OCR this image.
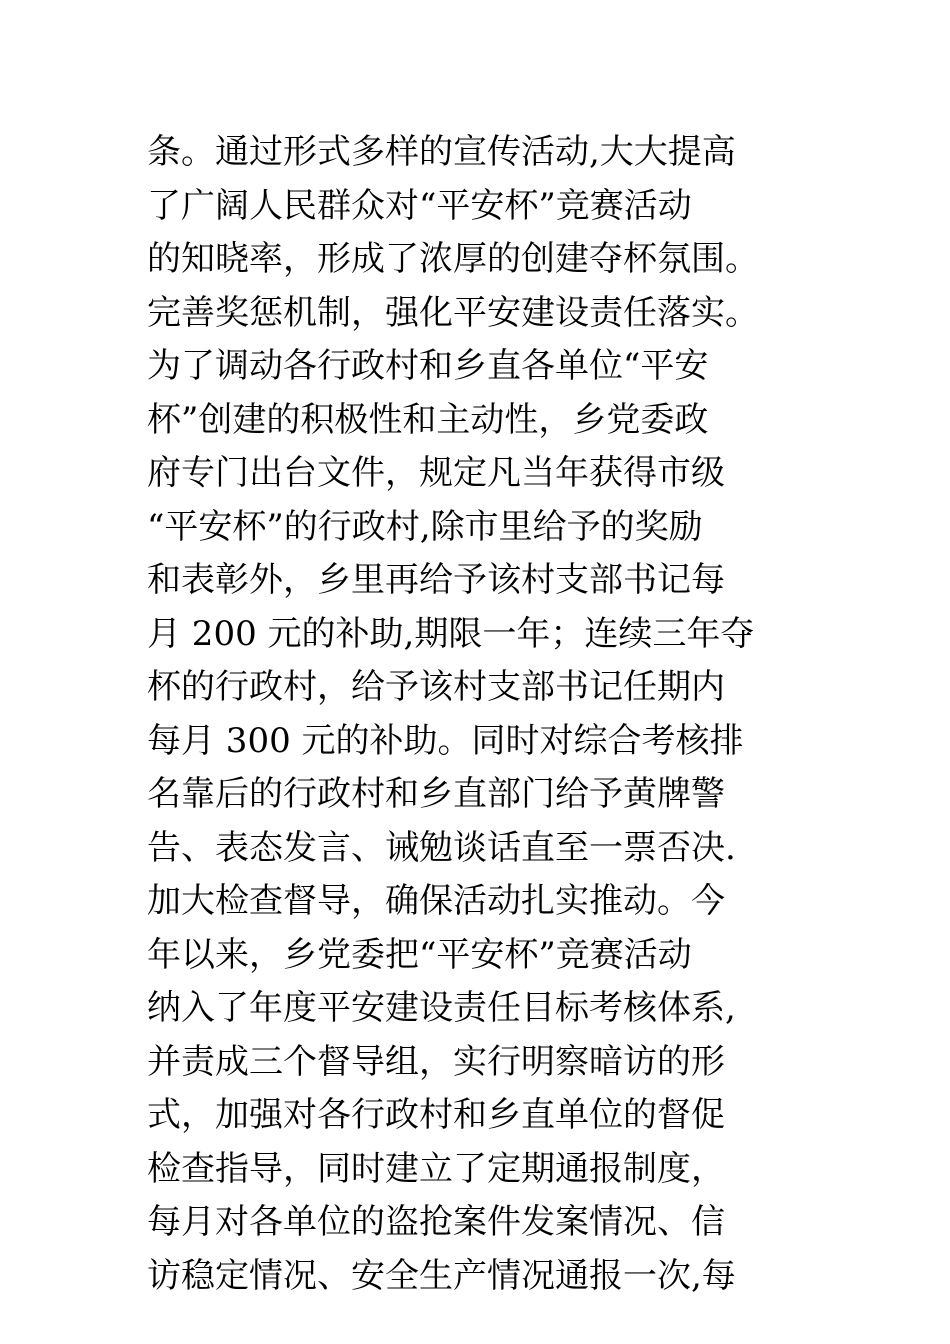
条。通过形式多样的宣传活动,大大提高
了广阔人民群众对“平安杯”竞赛活动
的知晓率，形成了浓厚的创建夺杯氛围。
完善奖惩机制，强化平安建设责任落实。
为了调动各行政村和乡直各单位“平安
杯”创建的积极性和主动性，乡党委政
府专门出台文件，规定凡当年获得市级
“平安杯”的行政村,除市里给予的奖励
和表彰外，乡里再给予该村支部书记每
月 200 元的补助,期限一年；连续三年夺
杯的行政村，给予该村支部书记任期内
每月 300 元的补助。同时对综合考核排
名靠后的行政村和乡直部门给予黄牌警
告、表态发言、诫勉谈话直至一票否决.
加大检查督导，确保活动扎实推动。今
年以来，乡党委把“平安杯”竞赛活动
纳入了年度平安建设责任目标考核体系,
并责成三个督导组，实行明察暗访的形
式，加强对各行政村和乡直单位的督促
检查指导，同时建立了定期通报制度，
每月对各单位的盗抢案件发案情况、信
访稳定情况、安全生产情况通报一次,每
